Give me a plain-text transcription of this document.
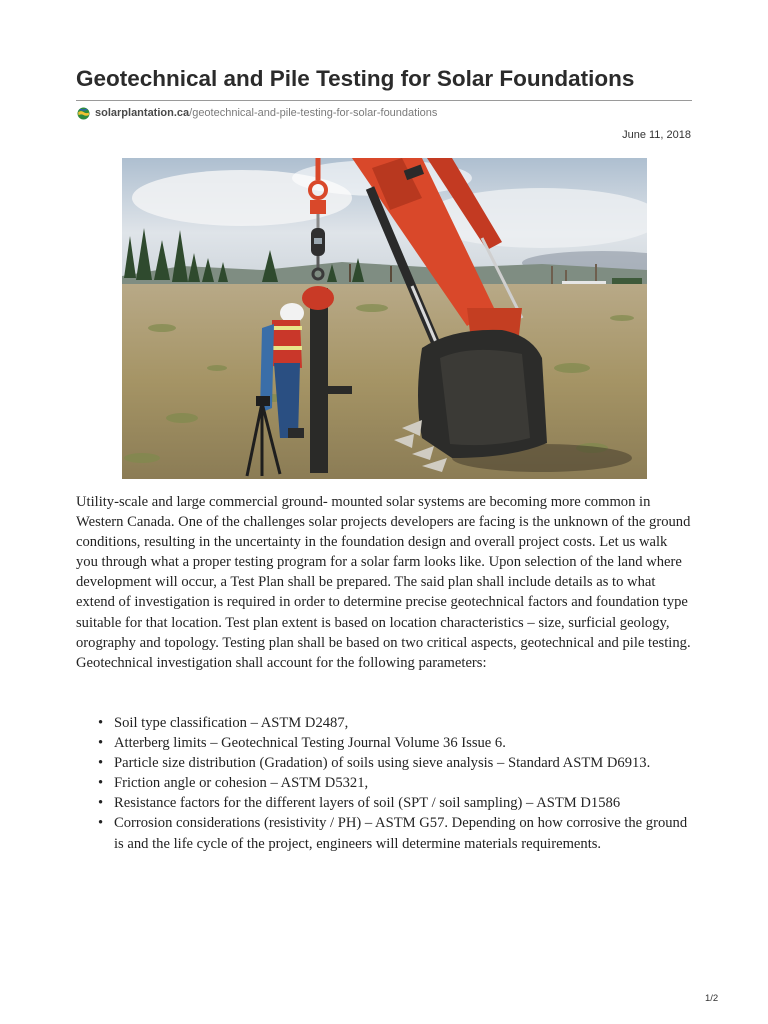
Geotechnical and Pile Testing for Solar Foundations
solarplantation.ca /geotechnical-and-pile-testing-for-solar-foundations
June 11, 2018

Utility-scale and large commercial ground- mounted solar systems are becoming more common in Western Canada. One of the challenges solar projects developers are facing is the unknown of the ground conditions, resulting in the uncertainty in the foundation design and overall project costs. Let us walk you through what a proper testing program for a solar farm looks like. Upon selection of the land where development will occur, a Test Plan shall be prepared. The said plan shall include details as to what extend of investigation is required in order to determine precise geotechnical factors and foundation type suitable for that location. Test plan extent is based on location characteristics – size, surficial geology, orography and topology. Testing plan shall be based on two critical aspects, geotechnical and pile testing. Geotechnical investigation shall account for the following parameters:

• Soil type classification – ASTM D2487,
• Atterberg limits – Geotechnical Testing Journal Volume 36 Issue 6.
• Particle size distribution (Gradation) of soils using sieve analysis – Standard ASTM D6913.
• Friction angle or cohesion – ASTM D5321,
• Resistance factors for the different layers of soil (SPT / soil sampling) – ASTM D1586
• Corrosion considerations (resistivity / PH) – ASTM G57. Depending on how corrosive the ground is and the life cycle of the project, engineers will determine materials requirements.
1/2
